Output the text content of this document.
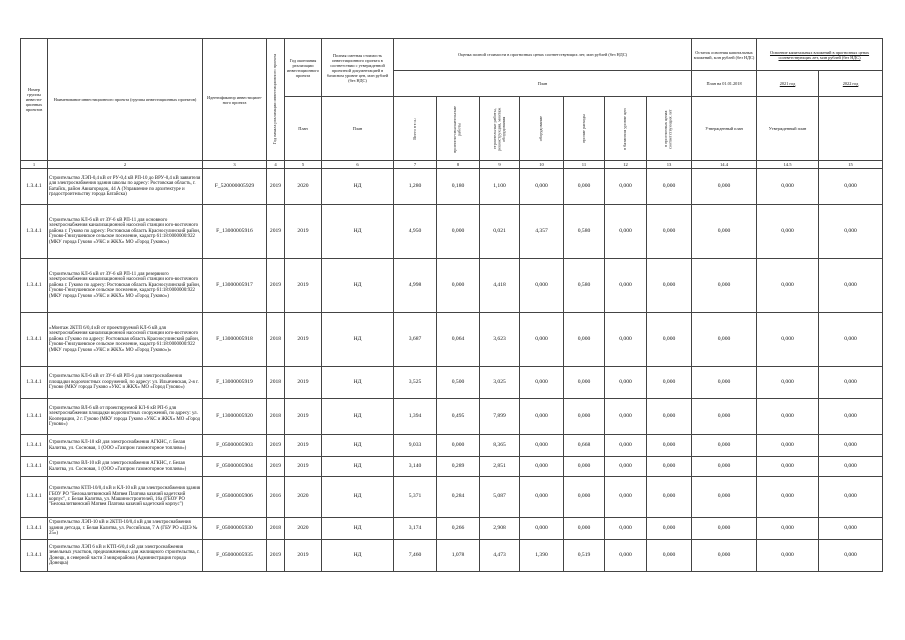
Номер группы инвести-ционных проектов	Наименование инвестиционного проекта (группы инвестиционных проектов)	Идентификатор инвестицион-ного проекта	Год начала реализации инвестиционного проекта	Год окончания реализации инвестиционного проекта	Полная сметная стоимость инвестиционного проекта в соответствии с утвержденной проектной документацией в базисном уровне цен, млн рублей (без НДС)	Оценка полной стоимости в прогнозных ценах соответствующих лет, млн рублей (без НДС)							Остаток освоения капитальных вложений, млн рублей (без НДС)	Освоение капитальных вложений в прогнозных ценах соответствующих лет, млн рублей (без НДС)	
						План							План на 01.01.2018	2021 год	2022 год	
				План	План	Всего в т.ч.:	проектно-изыскательские работы	строительные работы, реконструкция, монтаж оборудования	оборудование	прочие расходы	в базисном уровне цен	в прогнозных ценах соответствующих лет	Утвержденный план	Утвержденный план		
1	2	3	4	5	6	7	8	9	10	11	12	13	14.4	14.5	15	
1.3.4.1	Строительство ЛЭП-0,4 кВ от РУ-0,4 кВ РП-10 до ВРУ-0,4 кВ заявителя для электроснабжения здания школы по адресу: Ростовская область, г. Батайск, район Авиагородок, 44 А (Управление по архитектуре и градостроительству города Батайска)	F_520000005929	2019	2020	НД	1,280	0,180	1,100	0,000	0,000	0,000	0,000	0,000	0,000	0,000	
1.3.4.1	Строительство КЛ-6 кВ от ЗУ-6 кВ РП-11 для основного электроснабжения канализационной насосной станции юго-восточного района г. Гуково по адресу: Ростовская область Красносулинский район, Гуково-Гнилушевское сельское поселение, кадастр 61:18:0000000:922 (МКУ города Гуково «УКС и ЖКХ» МО «Город Гуково»)	F_13000005916	2019	2019	НД	4,950	0,000	0,021	4,357	0,580	0,000	0,000	0,000	0,000	0,000	
1.3.4.1	Строительство КЛ-6 кВ от ЗУ-6 кВ РП-11 для резервного электроснабжения канализационной насосной станции юго-восточного района г. Гуково по адресу: Ростовская область Красносулинский район, Гуково-Гнилушевское сельское поселение, кадастр 61:18:0000000:922 (МКУ города Гуково «УКС и ЖКХ» МО «Город Гуково»)	F_13000005917	2019	2019	НД	4,998	0,000	4,418	0,000	0,580	0,000	0,000	0,000	0,000	0,000	
1.3.4.1	«Монтаж 2КТП 6/0,4 кВ от проектируемой КЛ-6 кВ для электроснабжения канализационной насосной станции юго-восточного района г.Гуково по адресу: Ростовская область Красносулинский район, Гуково-Гнилушевское сельское поселение, кадастр 61:18:0000000:922 (МКУ города Гуково «УКС и ЖКХ» МО «Город Гуково»)»	F_13000005918	2018	2019	НД	3,687	0,064	3,623	0,000	0,000	0,000	0,000	0,000	0,000	0,000	
1.3.4.1	Строительство КЛ-6 кВ от ЗУ-6 кВ РП-6 для электроснабжения площадки водоочистных сооружений, по адресу: ул. Ильичевская, 2-я г. Гуково (МКУ города Гуково «УКС и ЖКХ» МО «Город Гуково»)	F_13000005919	2018	2019	НД	3,525	0,500	3,025	0,000	0,000	0,000	0,000	0,000	0,000	0,000	
1.3.4.1	Строительство ВЛ-6 кВ от проектируемой КЛ-6 кВ РП-6 для электроснабжения площадки водоочистных сооружений, по адресу: ул. Кооперации, 2 г. Гуково (МКУ города Гуково «УКС и ЖКХ» МО «Город Гуково»)	F_13000005920	2018	2019	НД	1,394	0,495	7,899	0,000	0,000	0,000	0,000	0,000	0,000	0,000	
1.3.4.1	Строительство КЛ-10 кВ для электроснабжения АГКНС, г. Белая Калитва, ул. Сосновая, 1 (ООО «Газпром газомоторное топливо»)	F_05000005903	2019	2019	НД	9,033	0,000	8,365	0,000	0,668	0,000	0,000	0,000	0,000	0,000	
1.3.4.1	Строительство ВЛ-10 кВ для электроснабжения АГКНС, г. Белая Калитва, ул. Сосновая, 1 (ООО «Газпром газомоторное топливо»)	F_05000005904	2019	2019	НД	3,140	0,289	2,851	0,000	0,000	0,000	0,000	0,000	0,000	0,000	
1.3.4.1	Строительство КТП-10/0,4 кВ и КЛ-10 кВ для электроснабжения здания ГБОУ РО "Белокалитвинский Матвея Платова казачий кадетский корпус", г. Белая Калитва, ул. Машиностроителей, 16а (ГБОУ РО "Белокалитвинский Матвея Платова казачий кадетский корпус")	F_05000005906	2016	2020	НД	5,371	0,284	5,087	0,000	0,000	0,000	0,000	0,000	0,000	0,000	
1.3.4.1	Строительство ЛЭП-10 кВ и 2КТП-10/0,4 кВ для электроснабжения здания детсада, г. Белая Калитва, ул. Российская, 7 А (ГБУ РО «ЦЗЭ № 25»)	F_05000005930	2018	2020	НД	3,174	0,266	2,908	0,000	0,000	0,000	0,000	0,000	0,000	0,000	
1.3.4.1	Строительство ЛЭП 6 кВ и КТП-6/0,4 кВ для электроснабжения земельных участков, предназначенных для жилищного строительства, г. Донецк, в северной части 3 микрорайона (Администрация города Донецка)	F_05000005935	2019	2019	НД	7,460	1,078	4,473	1,390	0,519	0,000	0,000	0,000	0,000	0,000	
